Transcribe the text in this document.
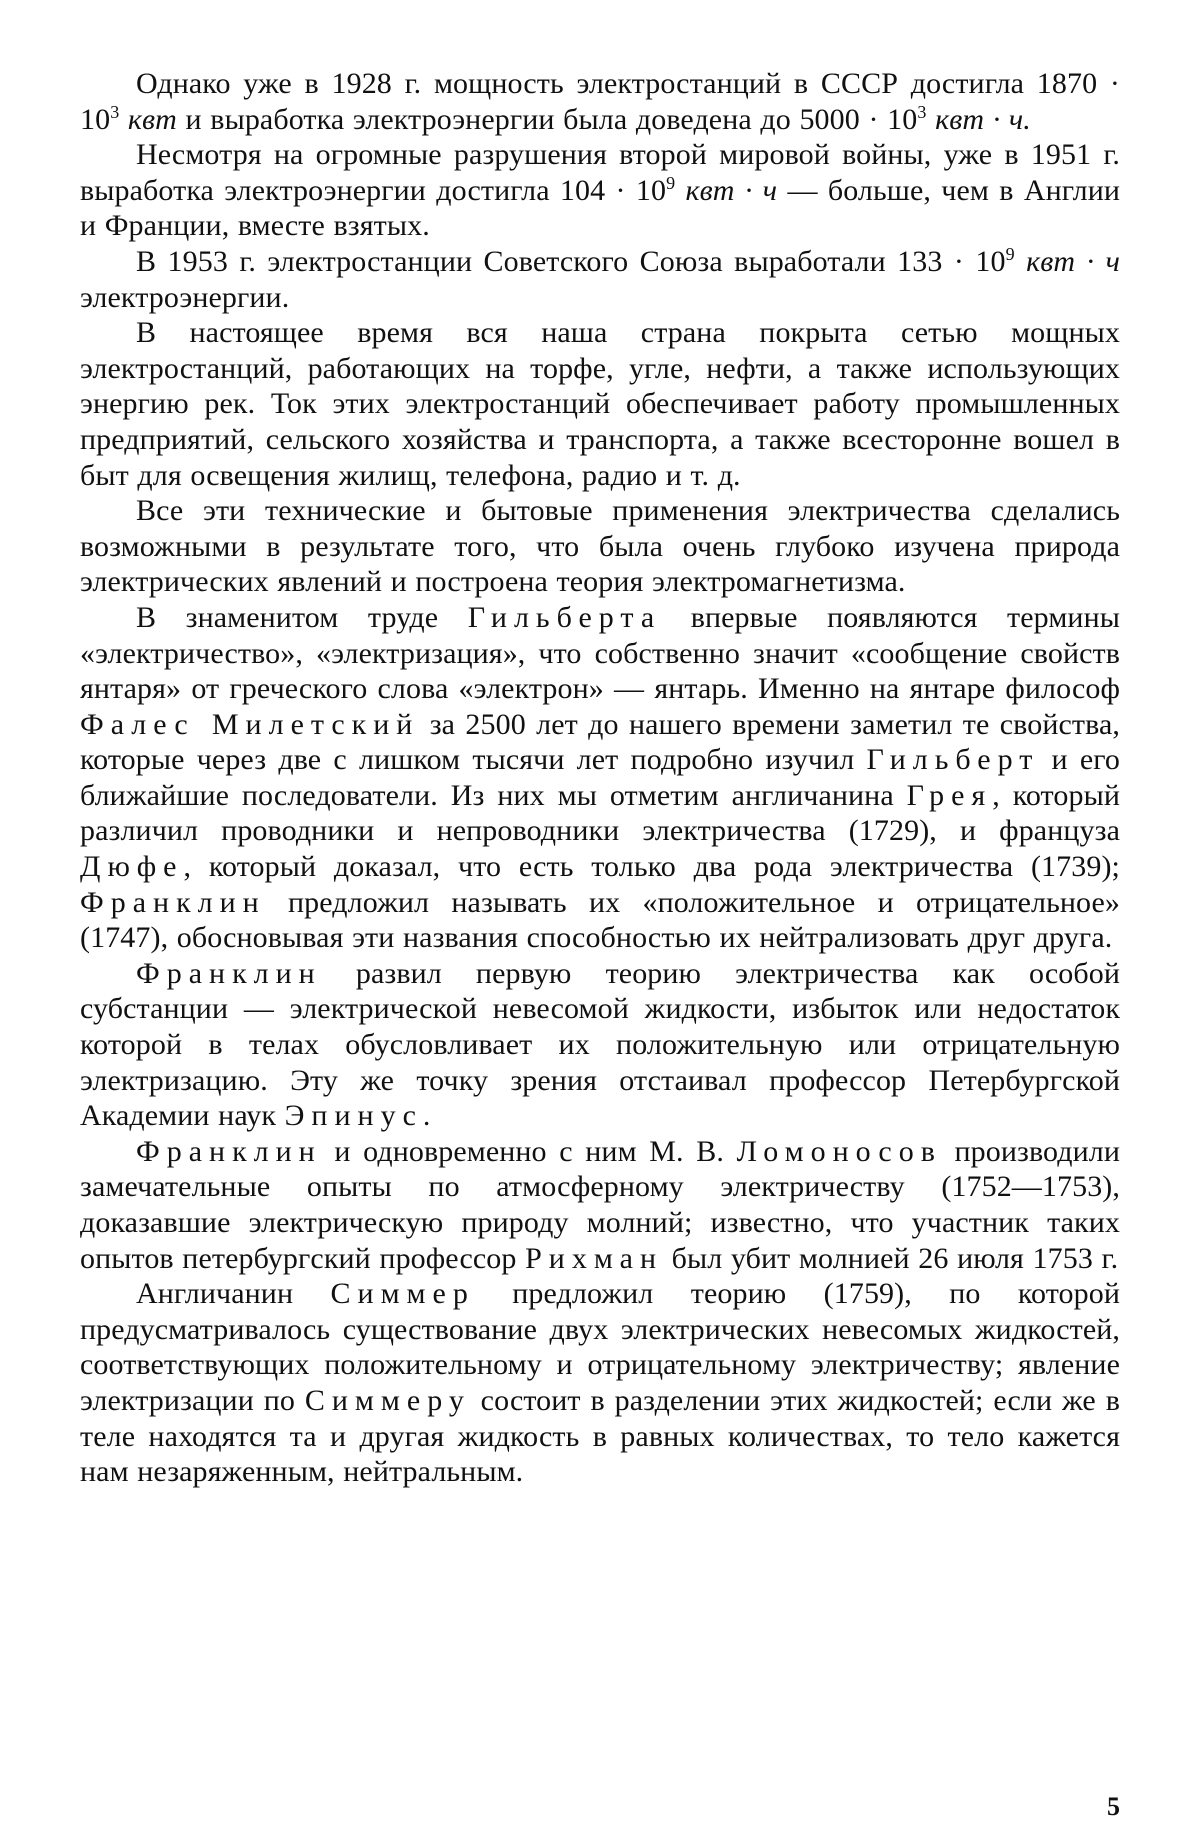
Однако уже в 1928 г. мощность электростанций в СССР достигла $1870 \cdot 10^3$ квт и выработка электроэнергии была доведена до $5000 \cdot 10^3$ квт · ч.

Несмотря на огромные разрушения второй мировой войны, уже в 1951 г. выработка электроэнергии достигла $104 \cdot 10^9$ квт · ч — больше, чем в Англии и Франции, вместе взятых.

В 1953 г. электростанции Советского Союза выработали $133 \cdot 10^9$ квт · ч электроэнергии.

В настоящее время вся наша страна покрыта сетью мощных электростанций, работающих на торфе, угле, нефти, а также использующих энергию рек. Ток этих электростанций обеспечивает работу промышленных предприятий, сельского хозяйства и транспорта, а также всесторонне вошел в быт для освещения жилищ, телефона, радио и т. д.

Все эти технические и бытовые применения электричества сделались возможными в результате того, что была очень глубоко изучена природа электрических явлений и построена теория электромагнетизма.

В знаменитом труде Гильберта впервые появляются термины «электричество», «электризация», что собственно значит «сообщение свойств янтаря» от греческого слова «электрон» — янтарь. Именно на янтаре философ Фалес Милетский за 2500 лет до нашего времени заметил те свойства, которые через две с лишком тысячи лет подробно изучил Гильберт и его ближайшие последователи. Из них мы отметим англичанина Грея, который различил проводники и непроводники электричества (1729), и француза Дюфе, который доказал, что есть только два рода электричества (1739); Франклин предложил называть их «положительное и отрицательное» (1747), обосновывая эти названия способностью их нейтрализовать друг друга.

Франклин развил первую теорию электричества как особой субстанции — электрической невесомой жидкости, избыток или недостаток которой в телах обусловливает их положительную или отрицательную электризацию. Эту же точку зрения отстаивал профессор Петербургской Академии наук Эпинус.

Франклин и одновременно с ним М. В. Ломоносов производили замечательные опыты по атмосферному электричеству (1752—1753), доказавшие электрическую природу молний; известно, что участник таких опытов петербургский профессор Рихман был убит молнией 26 июля 1753 г.

Англичанин Симмер предложил теорию (1759), по которой предусматривалось существование двух электрических невесомых жидкостей, соответствующих положительному и отрицательному электричеству; явление электризации по Симмеру состоит в разделении этих жидкостей; если же в теле находятся та и другая жидкость в равных количествах, то тело кажется нам незаряженным, нейтральным.

5
